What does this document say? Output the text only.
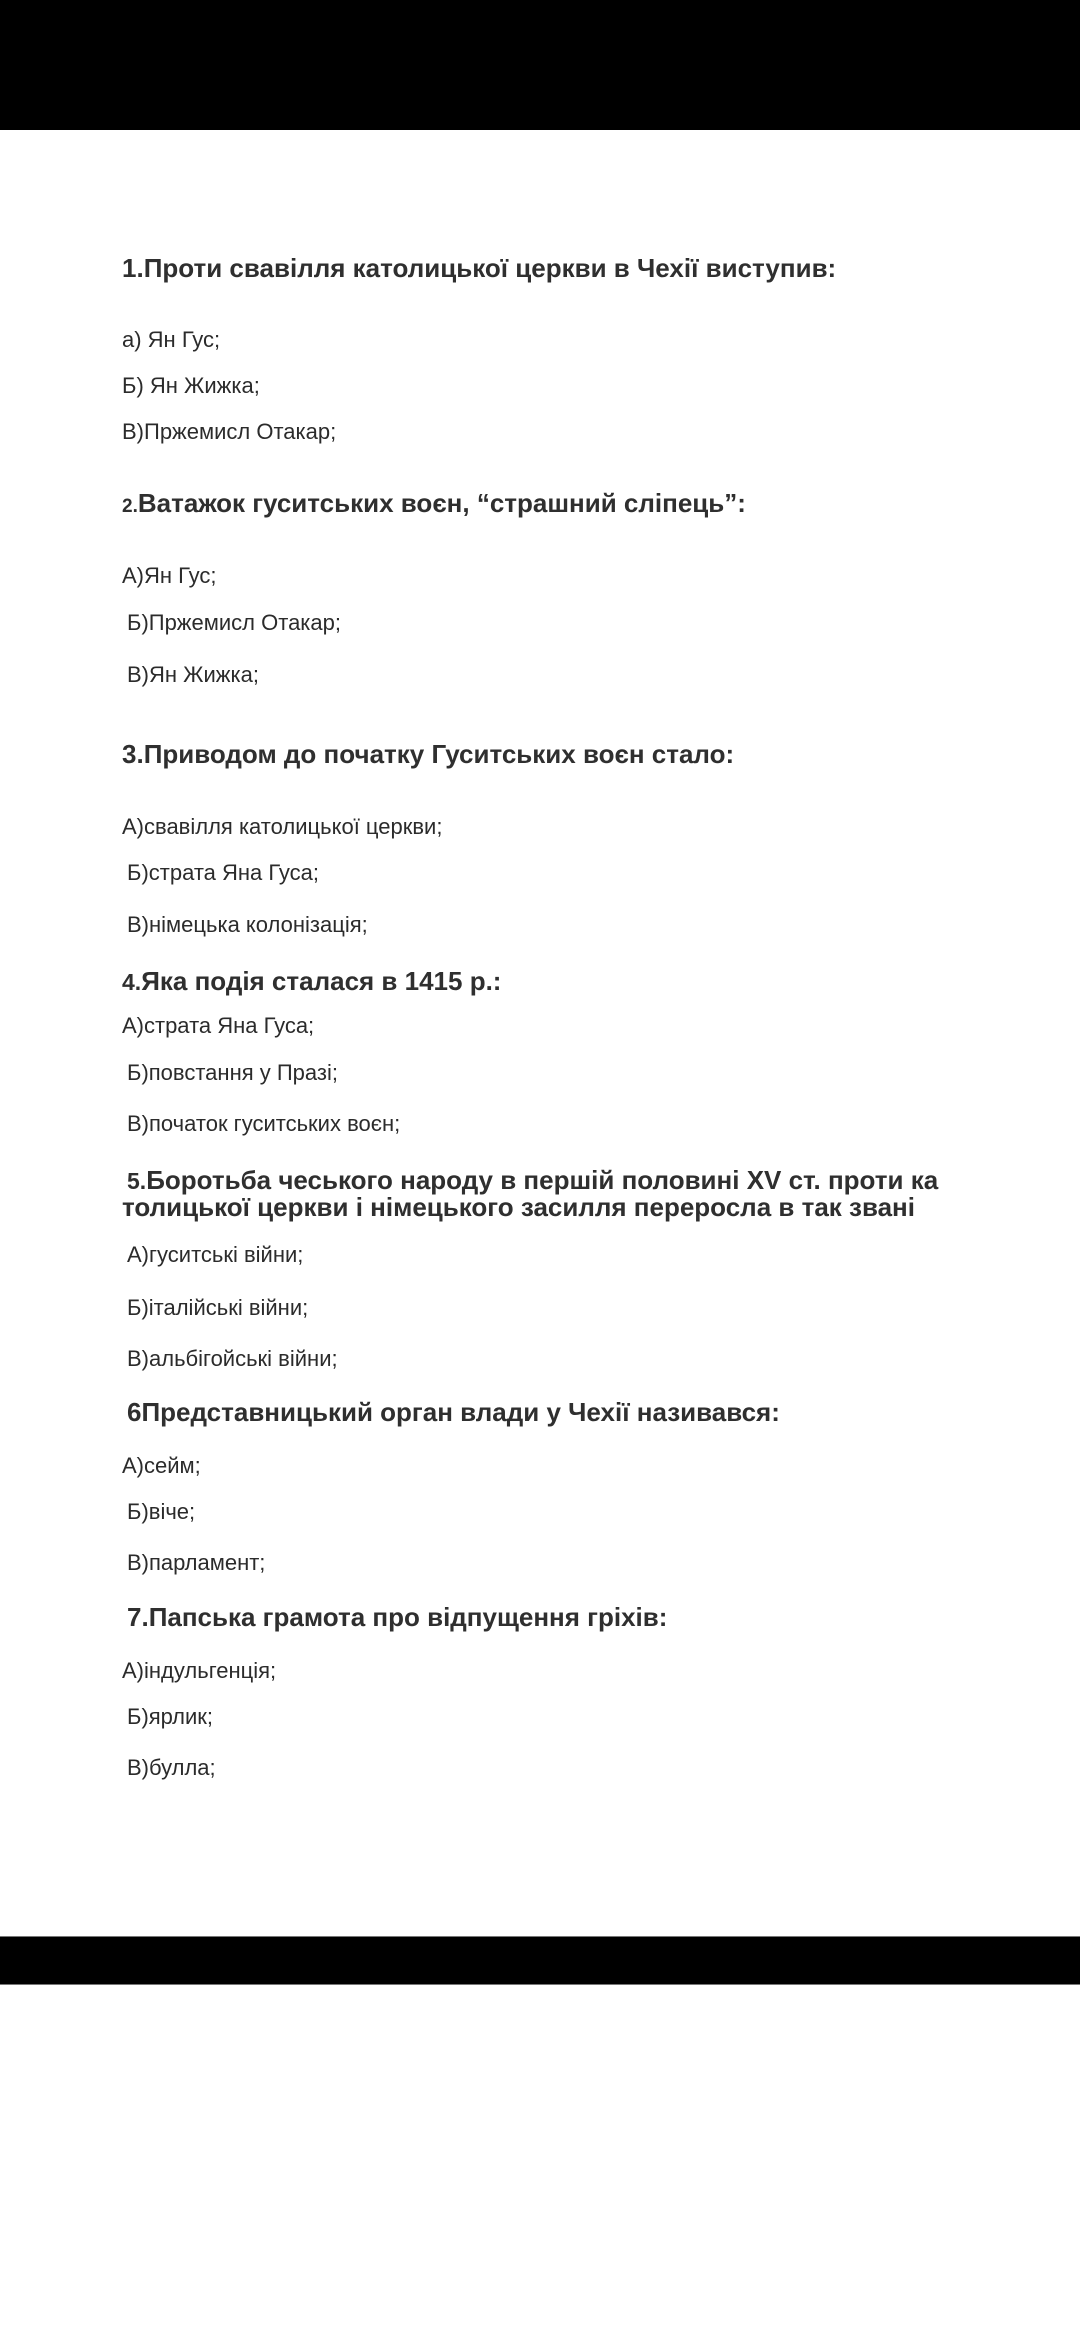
1.Проти свавілля католицької церкви в Чехії виступив:
а) Ян Гус;
Б) Ян Жижка;
В)Пржемисл Отакар;
2.Ватажок гуситських воєн, “страшний сліпець”:
А)Ян Гус;
Б)Пржемисл Отакар;
В)Ян Жижка;
3.Приводом до початку Гуситських воєн стало:
А)свавілля католицької церкви;
Б)страта Яна Гуса;
В)німецька колонізація;
4.Яка подія сталася в 1415 р.:
А)страта Яна Гуса;
Б)повстання у Празі;
В)початок гуситських воєн;
5.Боротьба чеського народу в першій половині XV ст. проти ка
толицької церкви і німецького засилля переросла в так звані
А)гуситські війни;
Б)італійські війни;
В)альбігойські війни;
6Представницький орган влади у Чехії називався:
А)сейм;
Б)віче;
В)парламент;
7.Папська грамота про відпущення гріхів:
А)індульгенція;
Б)ярлик;
В)булла;
